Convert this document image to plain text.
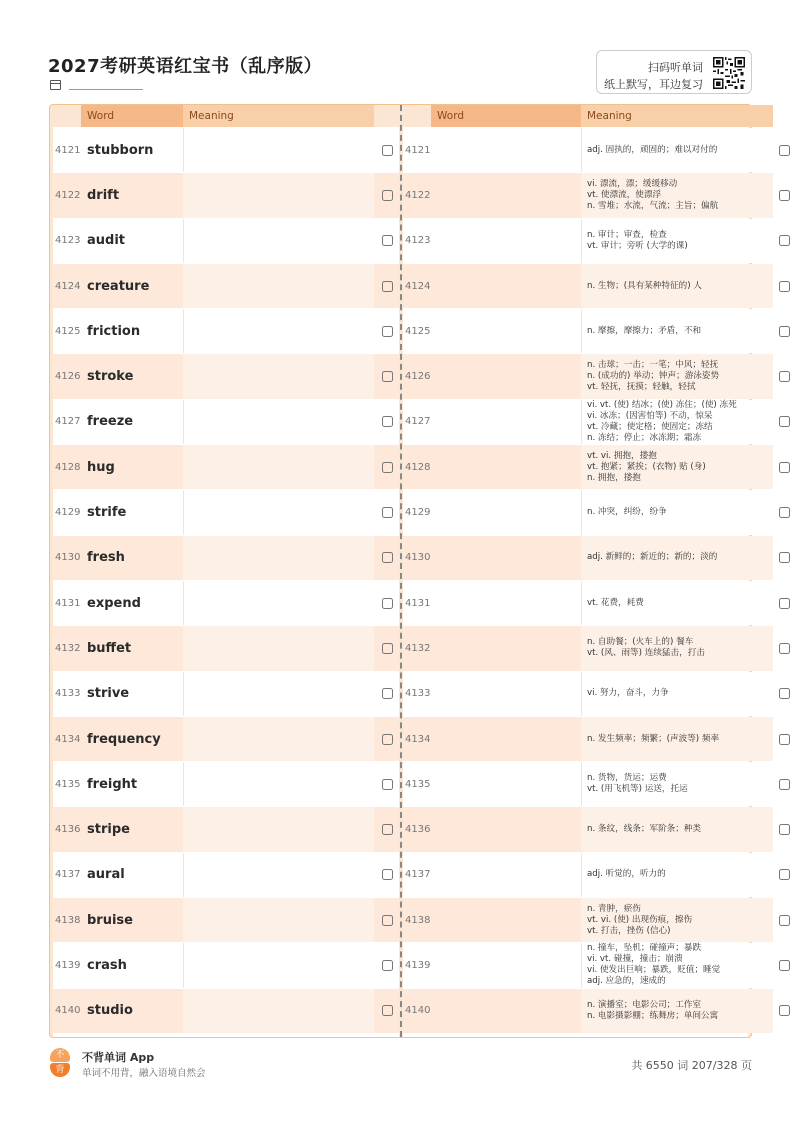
2027考研英语红宝书（乱序版）	扫码听单词
纸上默写，耳边复习
Word	Meaning
4121 stubborn
4122 drift
4123 audit
4124 creature
4125 friction
4126 stroke
4127 freeze
4128 hug
4129 strife
4130 fresh
4131 expend
4132 buffet
4133 strive
4134 frequency
4135 freight
4136 stripe
4137 aural
4138 bruise
4139 crash
4140 studio
Word	Meaning
4121	adj. 固执的，顽固的；难以对付的
4122
vi. 漂流，漂；缓缓移动
vt. 使漂流，使漂浮
n. 雪堆；水流，气流；主旨；偏航
4123
n. 审计；审查，检查
vt. 审计；旁听 (大学的课)
4124	n. 生物；(具有某种特征的) 人
4125	n. 摩擦，摩擦力；矛盾，不和
4126
n. 击球；一击；一笔；中风；轻抚
n. (成功的) 举动；钟声；游泳姿势
vt. 轻抚，抚摸；轻触，轻拭
4127
vi. vt. (使) 结冰；(使) 冻住；(使) 冻死
vi. 冰冻；(因害怕等) 不动，惊呆
vt. 冷藏；使定格；使固定；冻结
n. 冻结；停止；冰冻期；霜冻
4128
vt. vi. 拥抱，搂抱
vt. 抱紧；紧挨；(衣物) 贴 (身)
n. 拥抱，搂抱
4129	n. 冲突，纠纷，纷争
4130	adj. 新鲜的；新近的；新的；淡的
4131	vt. 花费，耗费
4132
n. 自助餐；(火车上的) 餐车
vt. (风、雨等) 连续猛击，打击
4133	vi. 努力，奋斗，力争
4134	n. 发生频率；频繁；(声波等) 频率
4135
n. 货物，货运；运费
vt. (用飞机等) 运送，托运
4136	n. 条纹，线条；军阶条；种类
4137	adj. 听觉的，听力的
4138
n. 青肿，瘀伤
vt. vi. (使) 出现伤痕，擦伤
vt. 打击，挫伤 (信心)
4139
n. 撞车，坠机；碰撞声；暴跌
vi. vt. 碰撞，撞击；崩溃
vi. 使发出巨响；暴跌，贬值；睡觉
adj. 应急的，速成的
4140
n. 演播室；电影公司；工作室
n. 电影摄影棚；练舞房；单间公寓
不
背
不背单词 App
单词不用背，融入语境自然会
共 6550 词 207/328 页
